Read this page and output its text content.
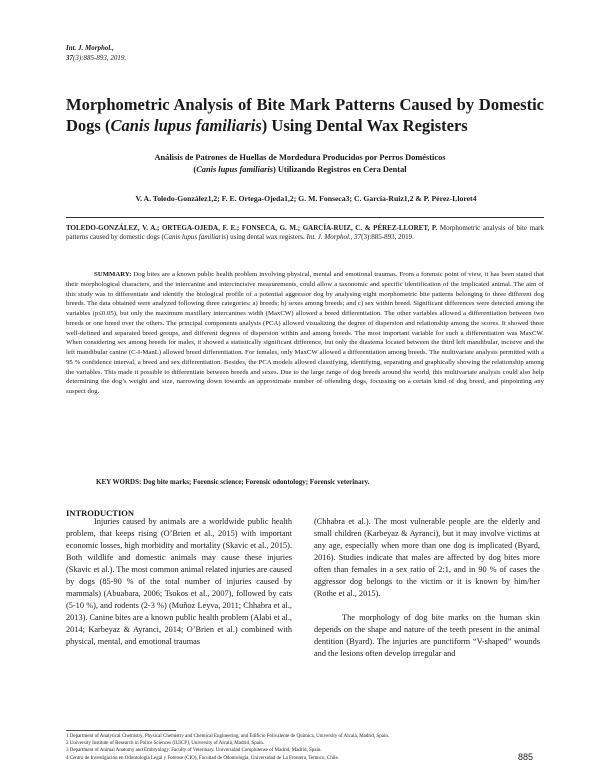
Int. J. Morphol.,
37(3):885-893, 2019.
Morphometric Analysis of Bite Mark Patterns Caused by Domestic Dogs (Canis lupus familiaris) Using Dental Wax Registers
Análisis de Patrones de Huellas de Mordedura Producidos por Perros Domésticos
(Canis lupus familiaris) Utilizando Registros en Cera Dental
V. A. Toledo-González1,2; F. E. Ortega-Ojeda1,2; G. M. Fonseca3; C. García-Ruiz1,2 & P. Pérez-Lloret4
TOLEDO-GONZÁLEZ, V. A.; ORTEGA-OJEDA, F. E.; FONSECA, G. M.; GARCÍA-RUIZ, C. & PÉREZ-LLORET, P. Morphometric analysis of bite mark patterns caused by domestic dogs (Canis lupus familiaris) using dental wax registers. Int. J. Morphol., 37(3):885-893, 2019.
SUMMARY: Dog bites are a known public health problem involving physical, mental and emotional traumas. From a forensic point of view, it has been stated that their morphological characters, and the intercanine and intercincisive measurements, could allow a taxonomic and specific identification of the implicated animal. The aim of this study was to differentiate and identify the biological profile of a potential aggressor dog by analysing eight morphometric bite patterns belonging to three different dog breeds. The data obtained were analyzed following three categories: a) breeds; b) sexes among breeds; and c) sex within breed. Significant differences were detected among the variables (p≤0.05), but only the maximum maxillary intercanines width (MaxCW) allowed a breed differentiation. The other variables allowed a differentiation between two breeds or one breed over the others. The principal components analysis (PCA) allowed visualizing the degree of dispersion and relationship among the scores. It showed three well-defined and separated breed groups, and different degrees of dispersion within and among breeds. The most important variable for such a differentiation was MaxCW. When considering sex among breeds for males, it showed a statistically significant difference, but only the diastema located between the third left mandibular, incisive and the left mandibular canine (C-I-ManL) allowed breed differentiation. For females, only MaxCW allowed a differentiation among breeds. The multivariate analysis permitted with a 95 % confidence interval, a breed and sex differentiation. Besides, the PCA models allowed classifying, identifying, separating and graphically showing the relationship among the variables. This made it possible to differentiate between breeds and sexes. Due to the large range of dog breeds around the world, this multivariate analysis could also help determining the dog’s weight and size, narrowing down towards an approximate number of offending dogs, focussing on a certain kind of dog breed, and pinpointing any suspect dog.
KEY WORDS: Dog bite marks; Forensic science; Forensic odontology; Forensic veterinary.
INTRODUCTION

Injuries caused by animals are a worldwide public health problem, that keeps rising (O’Brien et al., 2015) with important economic losses, high morbidity and mortality (Skavic et al., 2015). Both wildlife and domestic animals may cause these injuries (Skavic et al.). The most common animal related injuries are caused by dogs (85-90 % of the total number of injuries caused by mammals) (Abuabara, 2006; Tsokos et al., 2007), followed by cats (5-10 %), and rodents (2-3 %) (Muñoz Leyva, 2011; Chhabra et al., 2013). Canine bites are a known public health problem (Alabi et al., 2014; Karbeyaz & Ayranci, 2014; O’Brien et al.) combined with physical, mental, and emotional traumas

(Chhabra et al.). The most vulnerable people are the elderly and small children (Karbeyaz & Ayranci), but it may involve victims at any age, especially when more than one dog is implicated (Byard, 2016). Studies indicate that males are affected by dog bites more often than females in a sex ratio of 2:1, and in 90 % of cases the aggressor dog belongs to the victim or it is known by him/her (Rothe et al., 2015).

The morphology of dog bite marks on the human skin depends on the shape and nature of the teeth present in the animal dentition (Byard). The injuries are punctiform “V-shaped” wounds and the lesions often develop irregular and

1 Department of Analytical Chemistry, Physical Chemistry and Chemical Engineering, and Edificio Polivalente de Química, University of Alcalá, Madrid, Spain.
2 University Institute of Research in Police Sciences (IUICP), University of Alcalá, Madrid, Spain.
3 Department of Animal Anatomy and Embryology. Faculty of Veterinary. Universidad Complutense of Madrid, Madrid, Spain.
4 Centro de Investigación en Odontología Legal y Forense (CIO), Facultad de Odontología, Universidad de La Frontera, Temuco, Chile.	885
